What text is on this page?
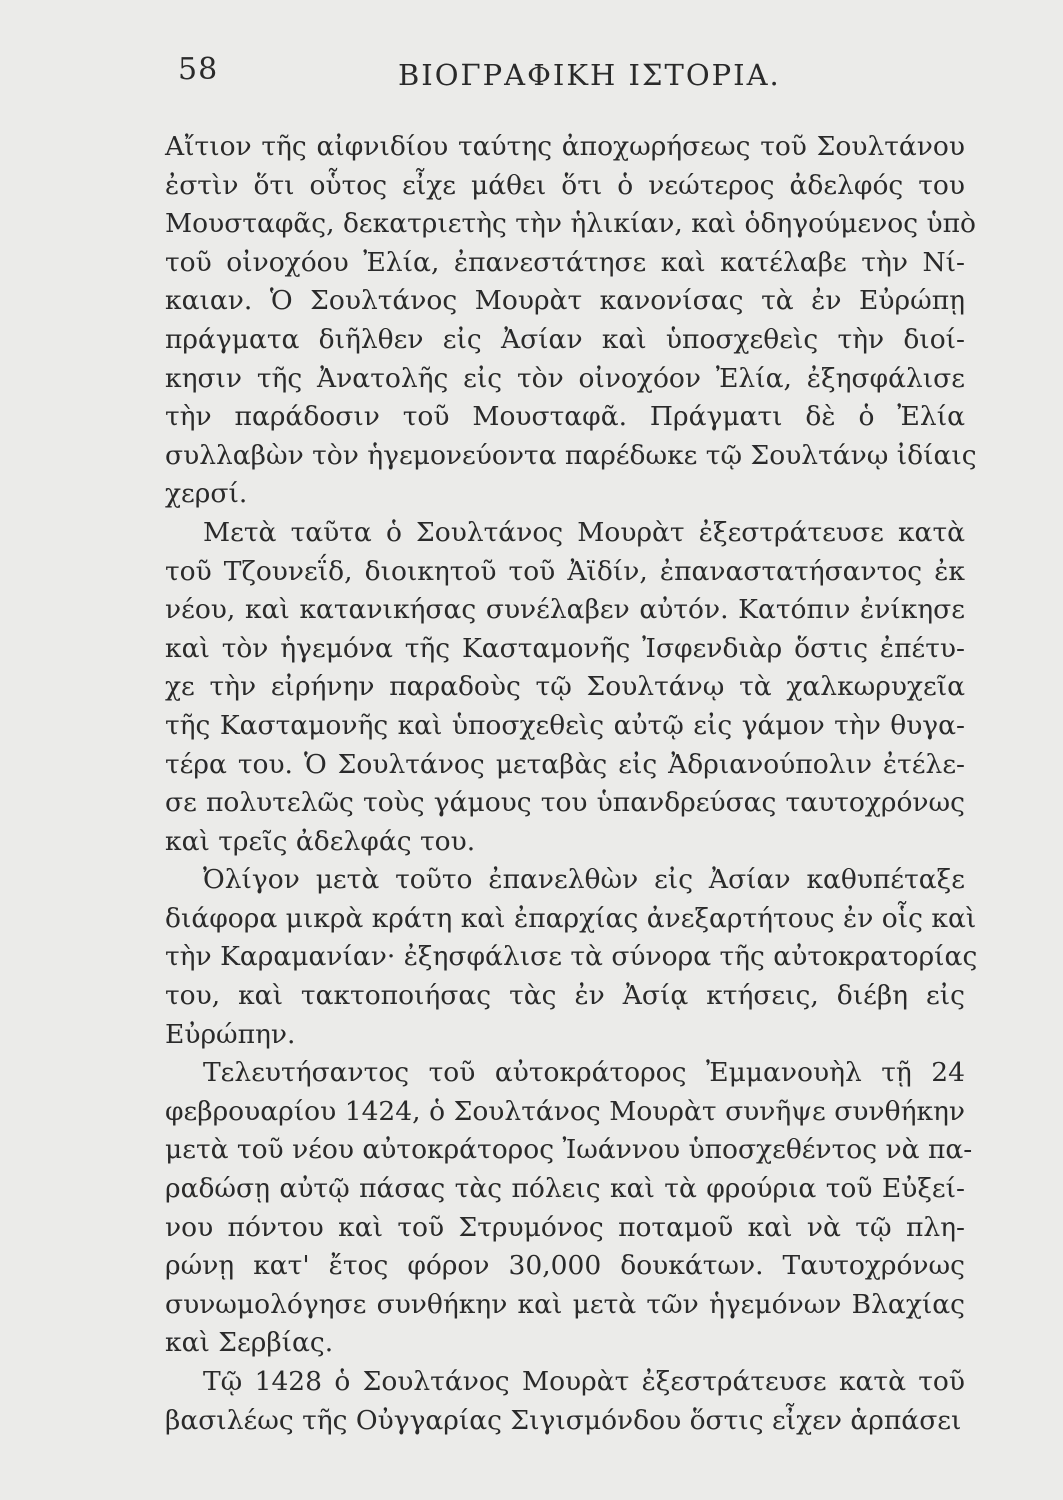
58	ΒΙΟΓΡΑΦΙΚΗ ΙΣΤΟΡΙΑ.
Αἴτιον τῆς αἰφνιδίου ταύτης ἀποχωρήσεως τοῦ Σουλτάνου
ἐστὶν ὅτι οὗτος εἶχε μάθει ὅτι ὁ νεώτερος ἀδελφός του
Μουσταφᾶς, δεκατριετὴς τὴν ἡλικίαν, καὶ ὁδηγούμενος ὑπὸ
τοῦ οἰνοχόου Ἐλία, ἐπανεστάτησε καὶ κατέλαβε τὴν Νί-
καιαν. Ὁ Σουλτάνος Μουρὰτ κανονίσας τὰ ἐν Εὐρώπῃ
πράγματα διῆλθεν εἰς Ἀσίαν καὶ ὑποσχεθεὶς τὴν διοί-
κησιν τῆς Ἀνατολῆς εἰς τὸν οἰνοχόον Ἐλία, ἐξησφάλισε
τὴν παράδοσιν τοῦ Μουσταφᾶ. Πράγματι δὲ ὁ Ἐλία
συλλαβὼν τὸν ἡγεμονεύοντα παρέδωκε τῷ Σουλτάνῳ ἰδίαις
χερσί.
Μετὰ ταῦτα ὁ Σουλτάνος Μουρὰτ ἐξεστράτευσε κατὰ
τοῦ Τζουνεΐδ, διοικητοῦ τοῦ Ἀϊδίν, ἐπαναστατήσαντος ἐκ
νέου, καὶ κατανικήσας συνέλαβεν αὐτόν. Κατόπιν ἐνίκησε
καὶ τὸν ἡγεμόνα τῆς Κασταμονῆς Ἰσφενδιὰρ ὅστις ἐπέτυ-
χε τὴν εἰρήνην παραδοὺς τῷ Σουλτάνῳ τὰ χαλκωρυχεῖα
τῆς Κασταμονῆς καὶ ὑποσχεθεὶς αὐτῷ εἰς γάμον τὴν θυγα-
τέρα του. Ὁ Σουλτάνος μεταβὰς εἰς Ἀδριανούπολιν ἐτέλε-
σε πολυτελῶς τοὺς γάμους του ὑπανδρεύσας ταυτοχρόνως
καὶ τρεῖς ἀδελφάς του.
Ὀλίγον μετὰ τοῦτο ἐπανελθὼν εἰς Ἀσίαν καθυπέταξε
διάφορα μικρὰ κράτη καὶ ἐπαρχίας ἀνεξαρτήτους ἐν οἷς καὶ
τὴν Καραμανίαν· ἐξησφάλισε τὰ σύνορα τῆς αὐτοκρατορίας
του, καὶ τακτοποιήσας τὰς ἐν Ἀσίᾳ κτήσεις, διέβη εἰς
Εὐρώπην.
Τελευτήσαντος τοῦ αὐτοκράτορος Ἐμμανουὴλ τῇ 24
φεβρουαρίου 1424, ὁ Σουλτάνος Μουρὰτ συνῆψε συνθήκην
μετὰ τοῦ νέου αὐτοκράτορος Ἰωάννου ὑποσχεθέντος νὰ πα-
ραδώσῃ αὐτῷ πάσας τὰς πόλεις καὶ τὰ φρούρια τοῦ Εὐξεί-
νου πόντου καὶ τοῦ Στρυμόνος ποταμοῦ καὶ νὰ τῷ πλη-
ρώνῃ κατ' ἔτος φόρον 30,000 δουκάτων. Ταυτοχρόνως
συνωμολόγησε συνθήκην καὶ μετὰ τῶν ἡγεμόνων Βλαχίας
καὶ Σερβίας.
Τῷ 1428 ὁ Σουλτάνος Μουρὰτ ἐξεστράτευσε κατὰ τοῦ
βασιλέως τῆς Οὐγγαρίας Σιγισμόνδου ὅστις εἶχεν ἁρπάσει
